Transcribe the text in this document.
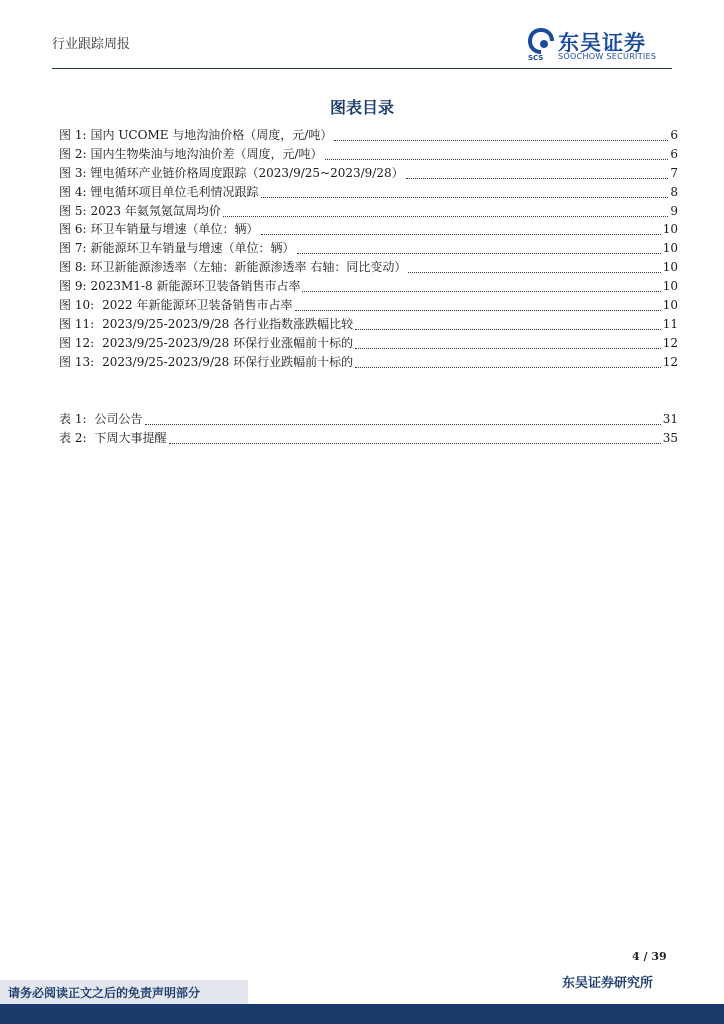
行业跟踪周报
SCS
东吴证券
SOOCHOW SECURITIES
图表目录
图 1: 国内 UCOME 与地沟油价格（周度，元/吨）	6
图 2: 国内生物柴油与地沟油价差（周度，元/吨）	6
图 3: 锂电循环产业链价格周度跟踪（2023/9/25~2023/9/28）	7
图 4: 锂电循环项目单位毛利情况跟踪	8
图 5: 2023 年氦氖氪氙周均价	9
图 6: 环卫车销量与增速（单位：辆）	10
图 7: 新能源环卫车销量与增速（单位：辆）	10
图 8: 环卫新能源渗透率（左轴：新能源渗透率 右轴：同比变动）	10
图 9: 2023M1-8 新能源环卫装备销售市占率	10
图 10: 2022 年新能源环卫装备销售市占率	10
图 11: 2023/9/25-2023/9/28 各行业指数涨跌幅比较	11
图 12: 2023/9/25-2023/9/28 环保行业涨幅前十标的	12
图 13: 2023/9/25-2023/9/28 环保行业跌幅前十标的	12
表 1: 公司公告	31
表 2: 下周大事提醒	35
4 / 39
东吴证券研究所
请务必阅读正文之后的免责声明部分
